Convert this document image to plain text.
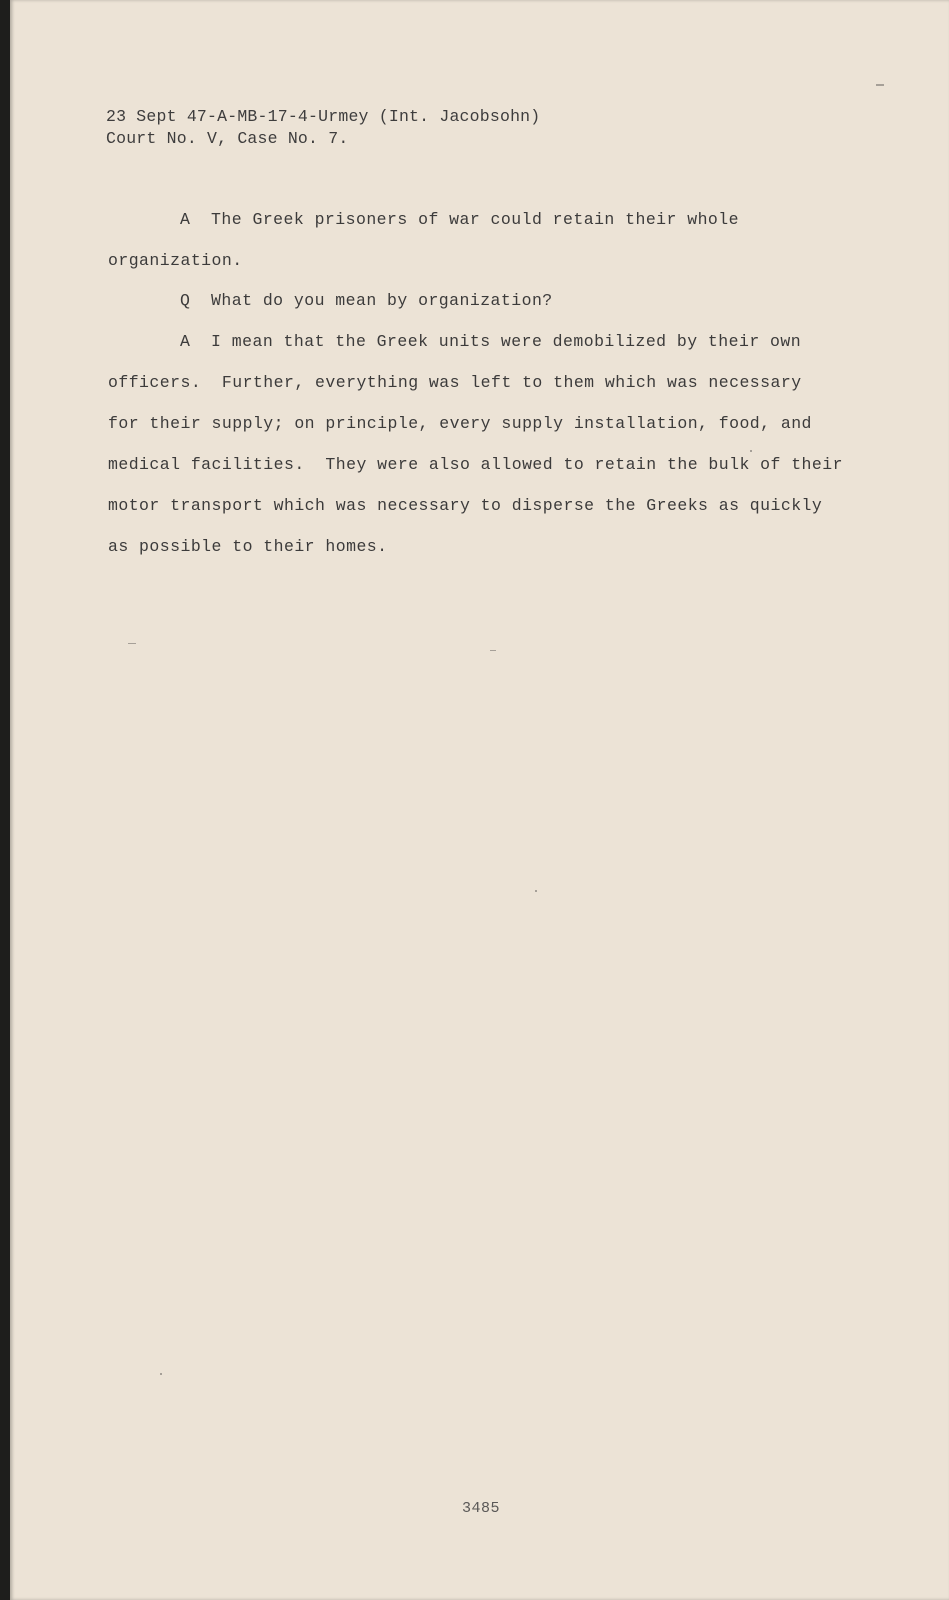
23 Sept 47-A-MB-17-4-Urmey (Int. Jacobsohn)
Court No. V, Case No. 7.
A  The Greek prisoners of war could retain their whole
organization.
Q  What do you mean by organization?
A  I mean that the Greek units were demobilized by their own
officers.  Further, everything was left to them which was necessary
for their supply; on principle, every supply installation, food, and
medical facilities.  They were also allowed to retain the bulk of their
motor transport which was necessary to disperse the Greeks as quickly
as possible to their homes.
3485
